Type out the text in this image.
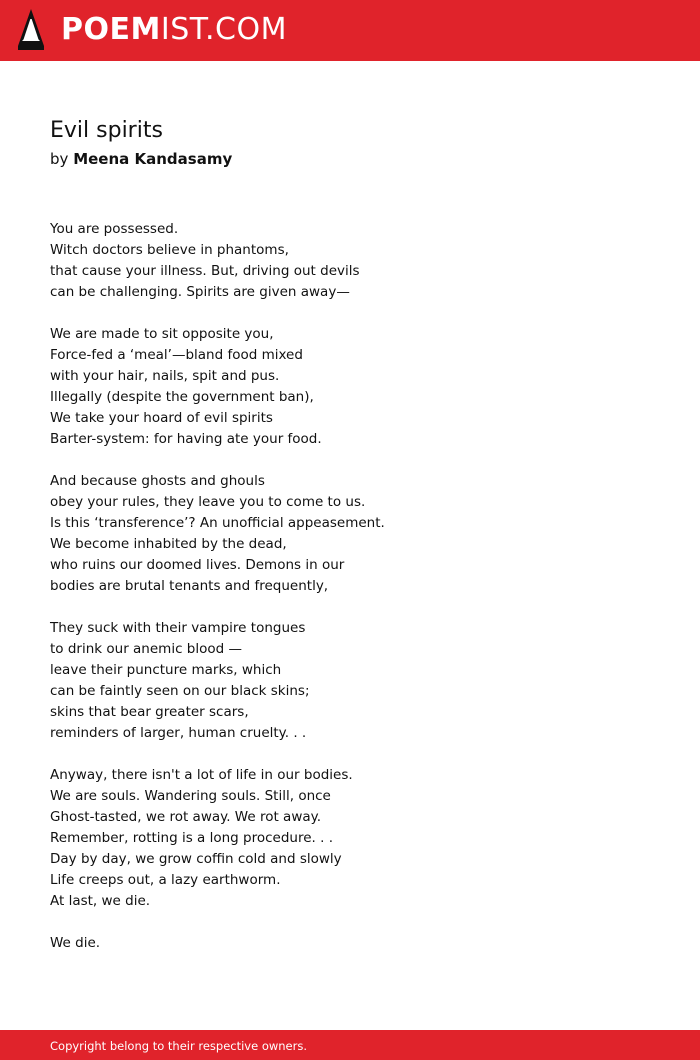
POEMIST.COM
Evil spirits
by Meena Kandasamy
You are possessed.
Witch doctors believe in phantoms,
that cause your illness. But, driving out devils
can be challenging. Spirits are given away—
We are made to sit opposite you,
Force-fed a ‘meal’—bland food mixed
with your hair, nails, spit and pus.
Illegally (despite the government ban),
We take your hoard of evil spirits
Barter-system: for having ate your food.
And because ghosts and ghouls
obey your rules, they leave you to come to us.
Is this ‘transference’? An unofficial appeasement.
We become inhabited by the dead,
who ruins our doomed lives. Demons in our
bodies are brutal tenants and frequently,
They suck with their vampire tongues
to drink our anemic blood —
leave their puncture marks, which
can be faintly seen on our black skins;
skins that bear greater scars,
reminders of larger, human cruelty. . .
Anyway, there isn't a lot of life in our bodies.
We are souls. Wandering souls. Still, once
Ghost-tasted, we rot away. We rot away.
Remember, rotting is a long procedure. . .
Day by day, we grow coffin cold and slowly
Life creeps out, a lazy earthworm.
At last, we die.
We die.
Copyright belong to their respective owners.
